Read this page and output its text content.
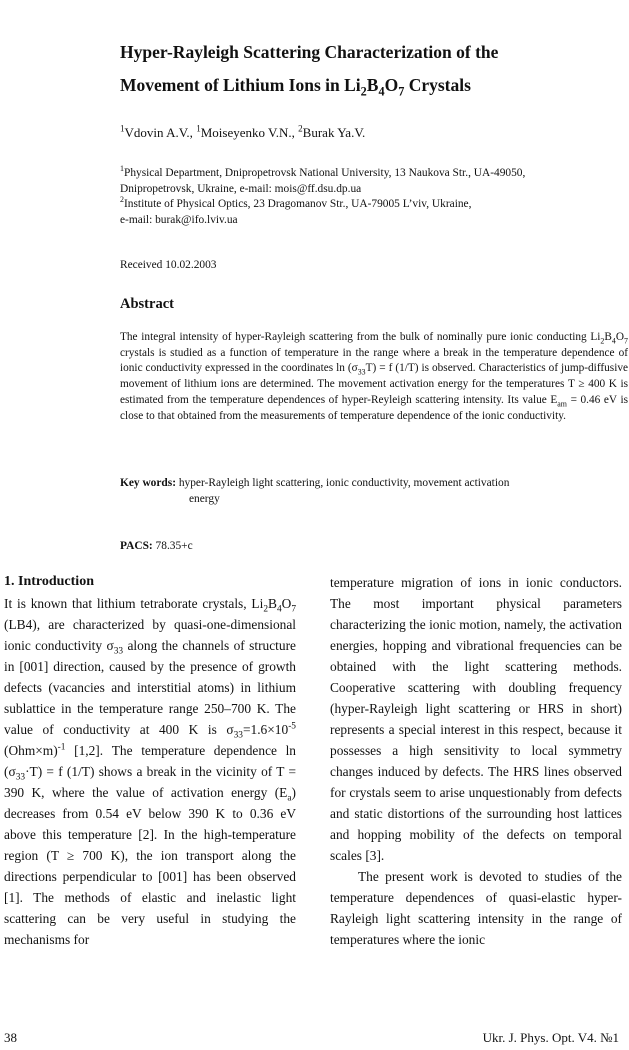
Hyper-Rayleigh Scattering Characterization of the
Movement of Lithium Ions in $Li_2B_4O_7$ Crystals
$^1$Vdovin A.V., $^1$Moiseyenko V.N., $^2$Burak Ya.V.
$^1$Physical Department, Dnipropetrovsk National University, 13 Naukova Str., UA-49050,
Dnipropetrovsk, Ukraine, e-mail: mois@ff.dsu.dp.ua
$^2$Institute of Physical Optics, 23 Dragomanov Str., UA-79005 L’viv, Ukraine,
e-mail: burak@ifo.lviv.ua
Received 10.02.2003
Abstract
The integral intensity of hyper-Rayleigh scattering from the bulk of nominally pure ionic conducting $Li_2B_4O_7$ crystals is studied as a function of temperature in the range where a break in the temperature dependence of ionic conductivity expressed in the coordinates $\ln (\sigma_{33}T) = f$ (1/T) is observed. Characteristics of jump-diffusive movement of lithium ions are determined. The movement activation energy for the temperatures Т ≥ 400 K is estimated from the temperature dependences of hyper-Reyleigh scattering intensity. Its value $E_{am} = 0.46$ eV is close to that obtained from the measurements of temperature dependence of the ionic conductivity.
Key words: hyper-Rayleigh light scattering, ionic conductivity, movement activation
energy
PACS: 78.35+c
1. Introduction

It is known that lithium tetraborate crystals, $Li_2B_4O_7$ (LB4), are characterized by quasi-one-dimensional ionic conductivity $\sigma_{33}$ along the channels of structure in [001] direction, caused by the presence of growth defects (vacancies and interstitial atoms) in lithium sublattice in the temperature range 250–700 K. The value of conductivity at 400 K is $\sigma_{33}=1.6\times 10^{-5}$ $(Ohm\times m)^{-1}$ [1,2]. The temperature dependence $\ln (\sigma_{33}\cdot T) = f$ (1/T) shows a break in the vicinity of T = 390 K, where the value of activation energy $(E_a)$ decreases from 0.54 eV below 390 K to 0.36 eV above this temperature [2]. In the high-temperature region (T ≥ 700 K), the ion transport along the directions perpendicular to [001] has been observed [1]. The methods of elastic and inelastic light scattering can be very useful in studying the mechanisms for

temperature migration of ions in ionic conductors. The most important physical parameters characterizing the ionic motion, namely, the activation energies, hopping and vibrational frequencies can be obtained with the light scattering methods. Cooperative scattering with doubling frequency (hyper-Rayleigh light scattering or HRS in short) represents a special interest in this respect, because it possesses a high sensitivity to local symmetry changes induced by defects. The HRS lines observed for crystals seem to arise unquestionably from defects and static distortions of the surrounding host lattices and hopping mobility of the defects on temporal scales [3].

The present work is devoted to studies of the temperature dependences of quasi-elastic hyper-Rayleigh light scattering intensity in the range of temperatures where the ionic

38	Ukr. J. Phys. Opt. V4. №1
